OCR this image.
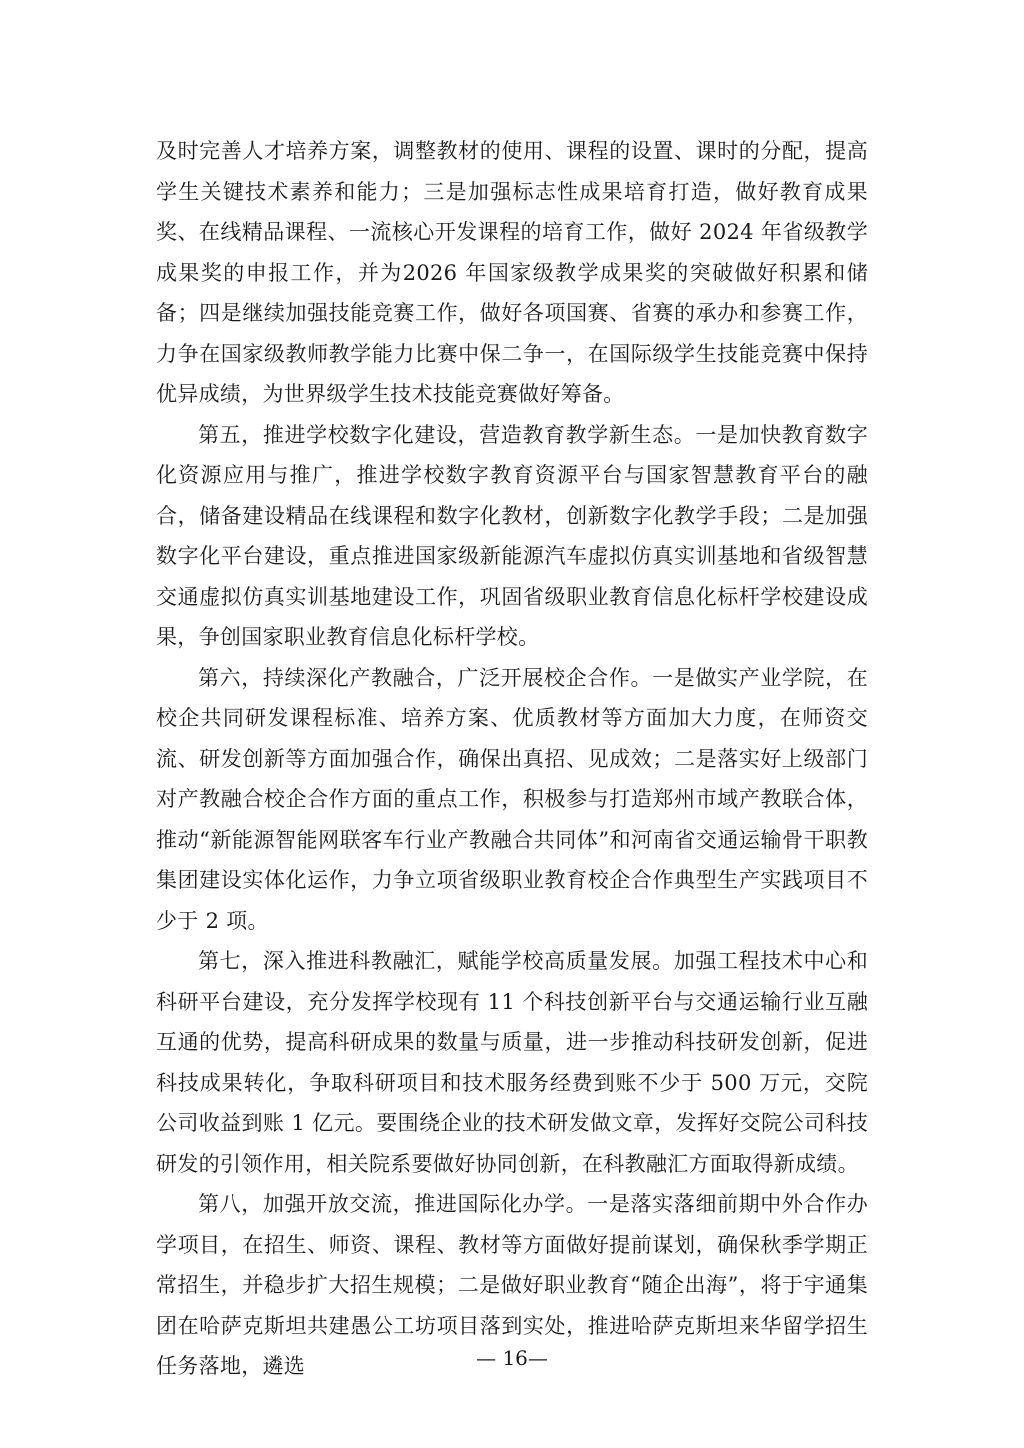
及时完善人才培养方案，调整教材的使用、课程的设置、课时的分配，提高学生关键技术素养和能力；三是加强标志性成果培育打造，做好教育成果奖、在线精品课程、一流核心开发课程的培育工作，做好 2024 年省级教学成果奖的申报工作，并为2026 年国家级教学成果奖的突破做好积累和储备；四是继续加强技能竞赛工作，做好各项国赛、省赛的承办和参赛工作，力争在国家级教师教学能力比赛中保二争一，在国际级学生技能竞赛中保持优异成绩，为世界级学生技术技能竞赛做好筹备。

第五，推进学校数字化建设，营造教育教学新生态。一是加快教育数字化资源应用与推广，推进学校数字教育资源平台与国家智慧教育平台的融合，储备建设精品在线课程和数字化教材，创新数字化教学手段；二是加强数字化平台建设，重点推进国家级新能源汽车虚拟仿真实训基地和省级智慧交通虚拟仿真实训基地建设工作，巩固省级职业教育信息化标杆学校建设成果，争创国家职业教育信息化标杆学校。

第六，持续深化产教融合，广泛开展校企合作。一是做实产业学院，在校企共同研发课程标准、培养方案、优质教材等方面加大力度，在师资交流、研发创新等方面加强合作，确保出真招、见成效；二是落实好上级部门对产教融合校企合作方面的重点工作，积极参与打造郑州市域产教联合体，推动“新能源智能网联客车行业产教融合共同体”和河南省交通运输骨干职教集团建设实体化运作，力争立项省级职业教育校企合作典型生产实践项目不少于 2 项。

第七，深入推进科教融汇，赋能学校高质量发展。加强工程技术中心和科研平台建设，充分发挥学校现有 11 个科技创新平台与交通运输行业互融互通的优势，提高科研成果的数量与质量，进一步推动科技研发创新，促进科技成果转化，争取科研项目和技术服务经费到账不少于 500 万元，交院公司收益到账 1 亿元。要围绕企业的技术研发做文章，发挥好交院公司科技研发的引领作用，相关院系要做好协同创新，在科教融汇方面取得新成绩。

第八，加强开放交流，推进国际化办学。一是落实落细前期中外合作办学项目，在招生、师资、课程、教材等方面做好提前谋划，确保秋季学期正常招生，并稳步扩大招生规模；二是做好职业教育“随企出海”，将于宇通集团在哈萨克斯坦共建愚公工坊项目落到实处，推进哈萨克斯坦来华留学招生任务落地，遴选	— 16—
